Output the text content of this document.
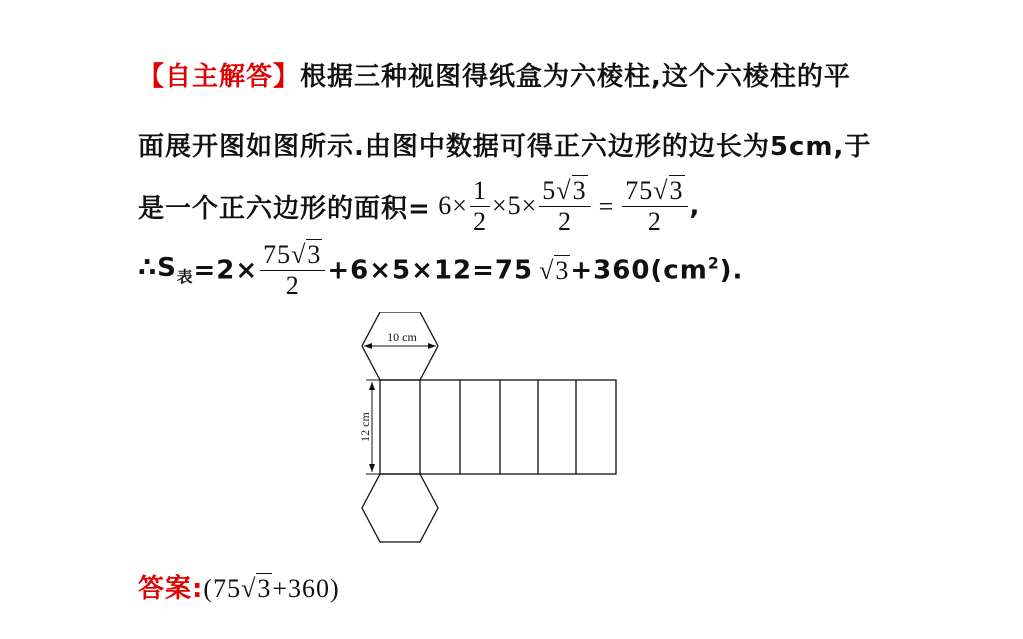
【自主解答】根据三种视图得纸盒为六棱柱,这个六棱柱的平
面展开图如图所示.由图中数据可得正六边形的边长为5cm,于
是一个正六边形的面积= $6\times \frac{1}{2} \times 5\times \frac{5√3}{2} = \frac{75√3}{2}$ ,
$\therefore S_表=2\times \frac{75√3}{2} +6\times 5\times 12=75$ $√3+360(cm^2)$.
10 cm
12 cm
答案:(75√3+360)
